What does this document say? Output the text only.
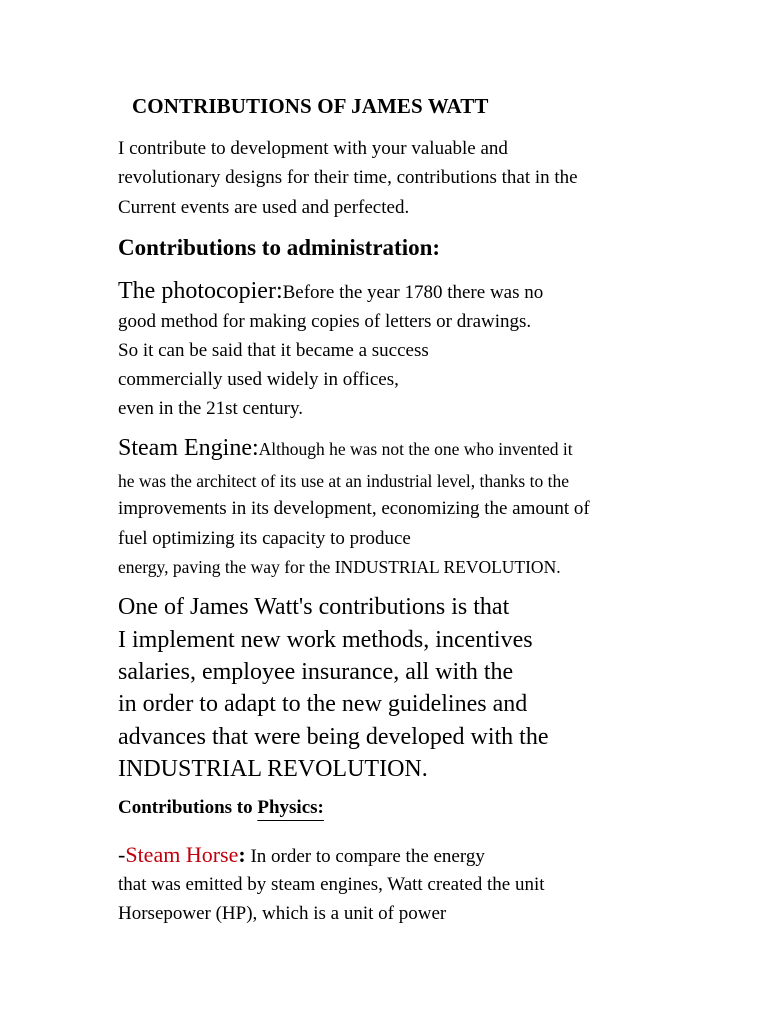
CONTRIBUTIONS OF JAMES WATT
I contribute to development with your valuable and
revolutionary designs for their time, contributions that in the
Current events are used and perfected.
Contributions to administration:
The photocopier:Before the year 1780 there was no
good method for making copies of letters or drawings.
So it can be said that it became a success
commercially used widely in offices,
even in the 21st century.
Steam Engine:Although he was not the one who invented it
he was the architect of its use at an industrial level, thanks to the
improvements in its development, economizing the amount of
fuel optimizing its capacity to produce
energy, paving the way for the INDUSTRIAL REVOLUTION.
One of James Watt's contributions is that
I implement new work methods, incentives
salaries, employee insurance, all with the
in order to adapt to the new guidelines and
advances that were being developed with the
INDUSTRIAL REVOLUTION.
Contributions to Physics:
-Steam Horse: In order to compare the energy
that was emitted by steam engines, Watt created the unit
Horsepower (HP), which is a unit of power
